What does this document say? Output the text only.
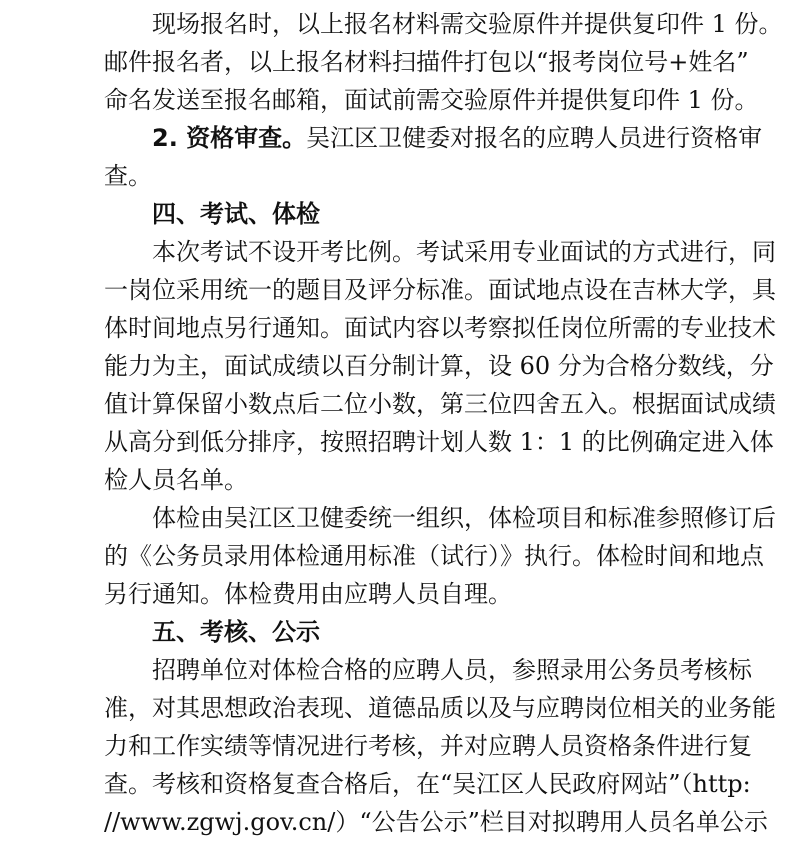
现场报名时，以上报名材料需交验原件并提供复印件 1 份。
邮件报名者，以上报名材料扫描件打包以“报考岗位号+姓名”
命名发送至报名邮箱，面试前需交验原件并提供复印件 1 份。
2. 资格审查。吴江区卫健委对报名的应聘人员进行资格审
查。
四、考试、体检
本次考试不设开考比例。考试采用专业面试的方式进行，同
一岗位采用统一的题目及评分标准。面试地点设在吉林大学，具
体时间地点另行通知。面试内容以考察拟任岗位所需的专业技术
能力为主，面试成绩以百分制计算，设 60 分为合格分数线，分
值计算保留小数点后二位小数，第三位四舍五入。根据面试成绩
从高分到低分排序，按照招聘计划人数 1：1 的比例确定进入体
检人员名单。
体检由吴江区卫健委统一组织，体检项目和标准参照修订后
的《公务员录用体检通用标准（试行）》执行。体检时间和地点
另行通知。体检费用由应聘人员自理。
五、考核、公示
招聘单位对体检合格的应聘人员，参照录用公务员考核标
准，对其思想政治表现、道德品质以及与应聘岗位相关的业务能
力和工作实绩等情况进行考核，并对应聘人员资格条件进行复
查。考核和资格复查合格后，在“吴江区人民政府网站”（http:
//www.zgwj.gov.cn/）“公告公示”栏目对拟聘用人员名单公示
